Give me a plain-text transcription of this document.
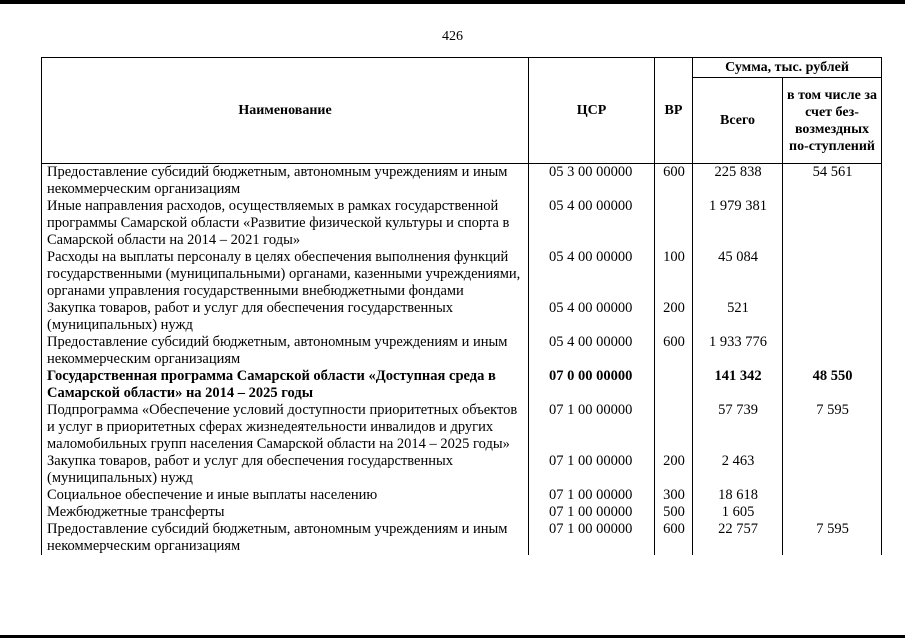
426
Наименование	ЦСР	ВР	Сумма, тыс. рублей	
			Всего	в том числе за счет без-возмездных по-ступлений
Предоставление субсидий бюджетным, автономным учреждениям и иным некоммерческим организациям	05 3 00 00000	600	225 838	54 561
Иные направления расходов, осуществляемых в рамках государственной программы Самарской области «Развитие физической культуры и спорта в Самарской области на 2014 – 2021 годы»	05 4 00 00000		1 979 381	
Расходы на выплаты персоналу в целях обеспечения выполнения функций государственными (муниципальными) органами, казенными учреждениями, органами управления государственными внебюджетными фондами	05 4 00 00000	100	45 084	
Закупка товаров, работ и услуг для обеспечения государственных (муниципальных) нужд	05 4 00 00000	200	521	
Предоставление субсидий бюджетным, автономным учреждениям и иным некоммерческим организациям	05 4 00 00000	600	1 933 776	
Государственная программа Самарской области «Доступная среда в Самарской области» на 2014 – 2025 годы	07 0 00 00000		141 342	48 550
Подпрограмма «Обеспечение условий доступности приоритетных объектов и услуг в приоритетных сферах жизнедеятельности инвалидов и других маломобильных групп населения Самарской области на 2014 – 2025 годы»	07 1 00 00000		57 739	7 595
Закупка товаров, работ и услуг для обеспечения государственных (муниципальных) нужд	07 1 00 00000	200	2 463	
Социальное обеспечение и иные выплаты населению	07 1 00 00000	300	18 618	
Межбюджетные трансферты	07 1 00 00000	500	1 605	
Предоставление субсидий бюджетным, автономным учреждениям и иным некоммерческим организациям	07 1 00 00000	600	22 757	7 595
